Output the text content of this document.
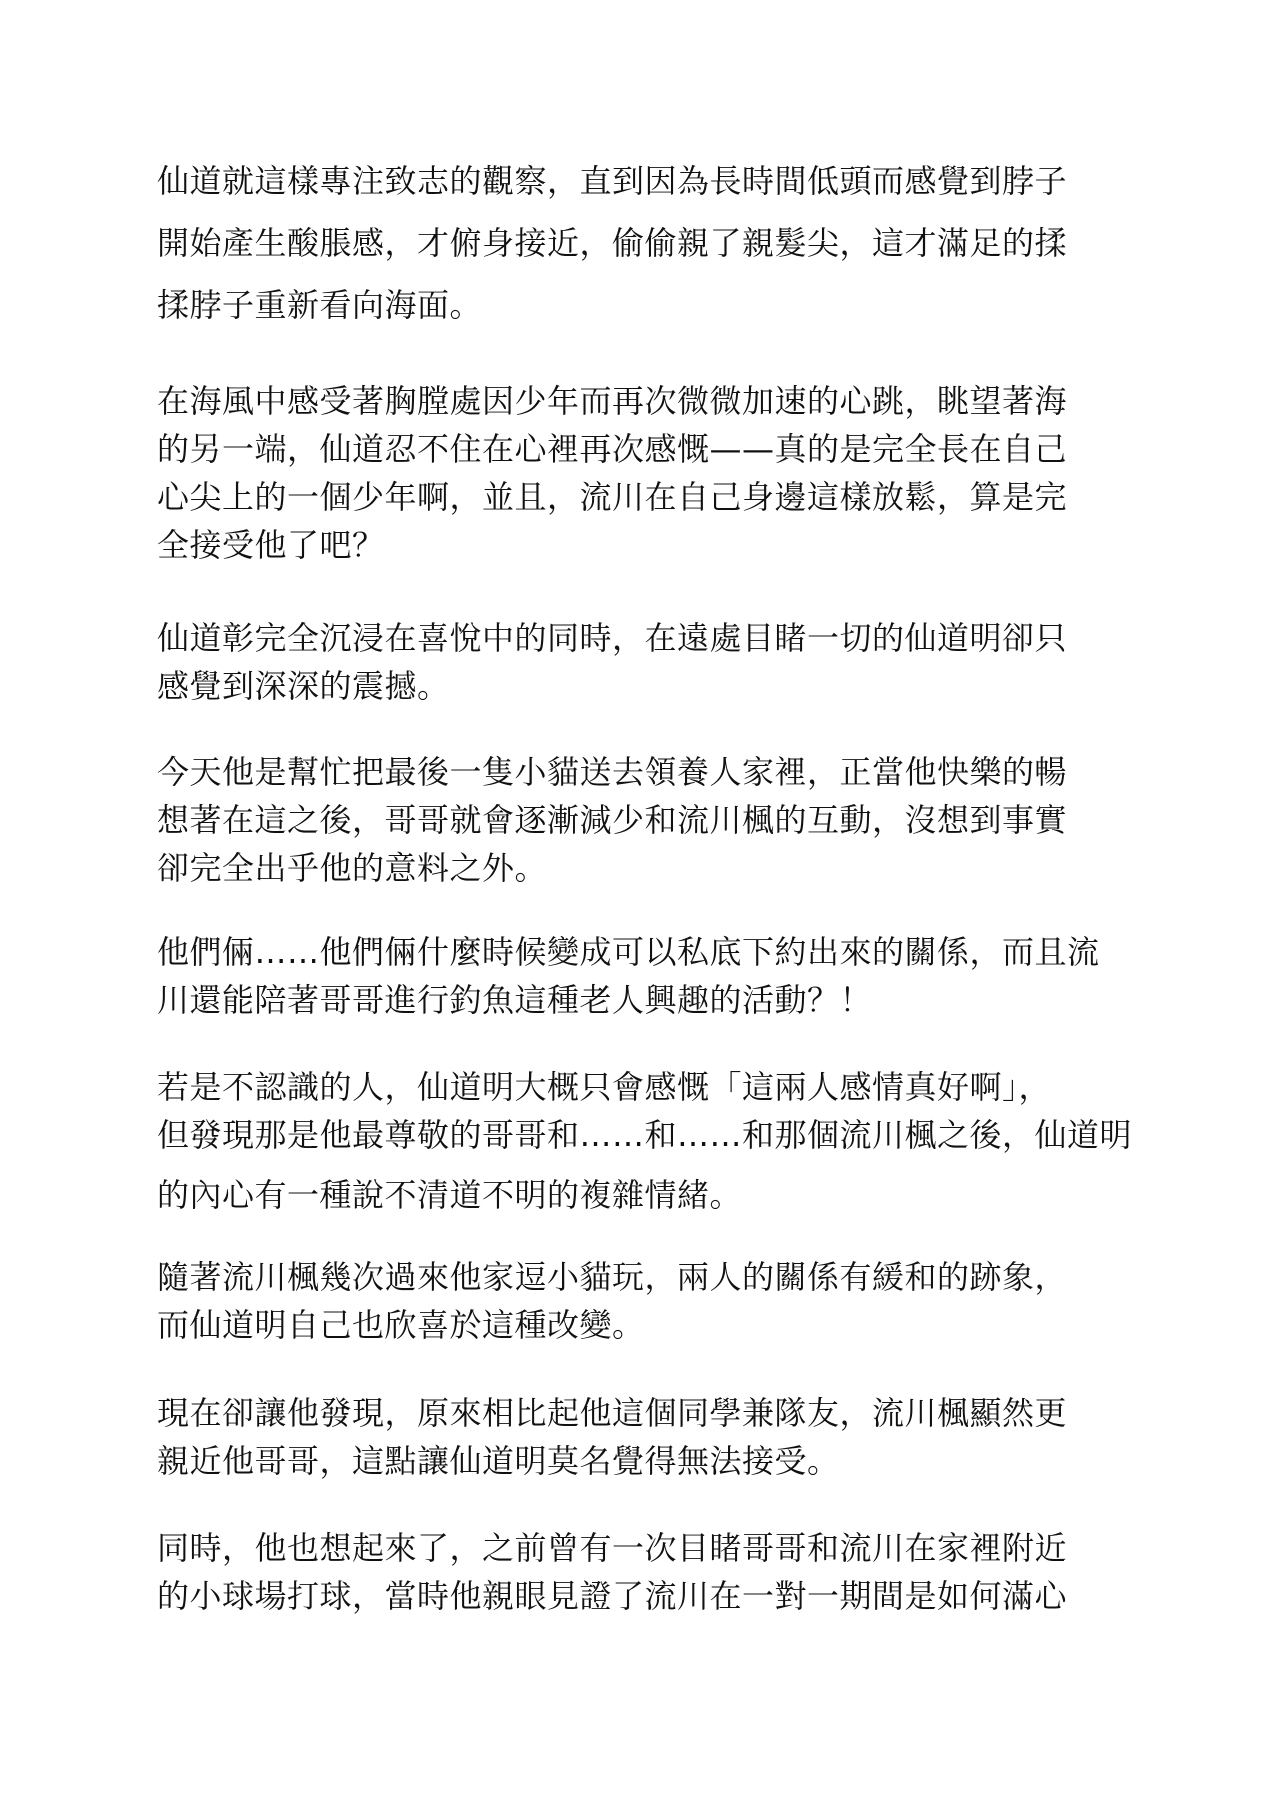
仙道就這樣專注致志的觀察，直到因為長時間低頭而感覺到脖子
開始產生酸脹感，才俯身接近，偷偷親了親髮尖，這才滿足的揉
揉脖子重新看向海面。
在海風中感受著胸膛處因少年而再次微微加速的心跳，眺望著海
的另一端，仙道忍不住在心裡再次感慨——真的是完全長在自己
心尖上的一個少年啊，並且，流川在自己身邊這樣放鬆，算是完
全接受他了吧？
仙道彰完全沉浸在喜悅中的同時，在遠處目睹一切的仙道明卻只
感覺到深深的震撼。
今天他是幫忙把最後一隻小貓送去領養人家裡，正當他快樂的暢
想著在這之後，哥哥就會逐漸減少和流川楓的互動，沒想到事實
卻完全出乎他的意料之外。
他們倆……他們倆什麼時候變成可以私底下約出來的關係，而且流
川還能陪著哥哥進行釣魚這種老人興趣的活動？！
若是不認識的人，仙道明大概只會感慨「這兩人感情真好啊」，
但發現那是他最尊敬的哥哥和……和……和那個流川楓之後，仙道明
的內心有一種說不清道不明的複雜情緒。
隨著流川楓幾次過來他家逗小貓玩，兩人的關係有緩和的跡象，
而仙道明自己也欣喜於這種改變。
現在卻讓他發現，原來相比起他這個同學兼隊友，流川楓顯然更
親近他哥哥，這點讓仙道明莫名覺得無法接受。
同時，他也想起來了，之前曾有一次目睹哥哥和流川在家裡附近
的小球場打球，當時他親眼見證了流川在一對一期間是如何滿心
